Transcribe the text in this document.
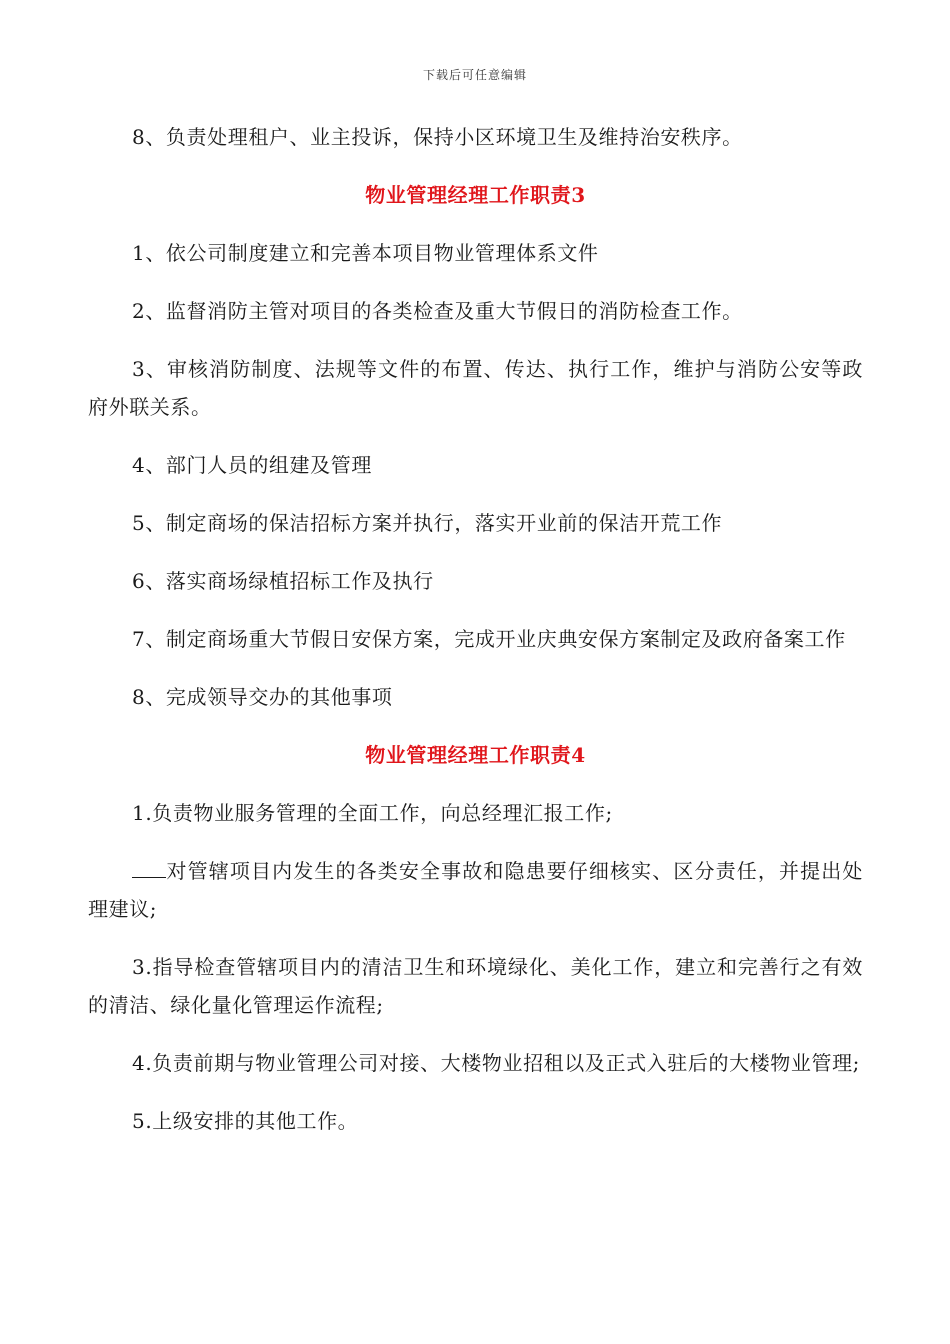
下载后可任意编辑

8、负责处理租户、业主投诉，保持小区环境卫生及维持治安秩序。

物业管理经理工作职责3

1、依公司制度建立和完善本项目物业管理体系文件

2、监督消防主管对项目的各类检查及重大节假日的消防检查工作。

3、审核消防制度、法规等文件的布置、传达、执行工作，维护与消防公安等政府外联关系。

4、部门人员的组建及管理

5、制定商场的保洁招标方案并执行，落实开业前的保洁开荒工作

6、落实商场绿植招标工作及执行

7、制定商场重大节假日安保方案，完成开业庆典安保方案制定及政府备案工作

8、完成领导交办的其他事项

物业管理经理工作职责4

1.负责物业服务管理的全面工作，向总经理汇报工作;

对管辖项目内发生的各类安全事故和隐患要仔细核实、区分责任，并提出处理建议;

3.指导检查管辖项目内的清洁卫生和环境绿化、美化工作，建立和完善行之有效的清洁、绿化量化管理运作流程;

4.负责前期与物业管理公司对接、大楼物业招租以及正式入驻后的大楼物业管理;

5.上级安排的其他工作。
